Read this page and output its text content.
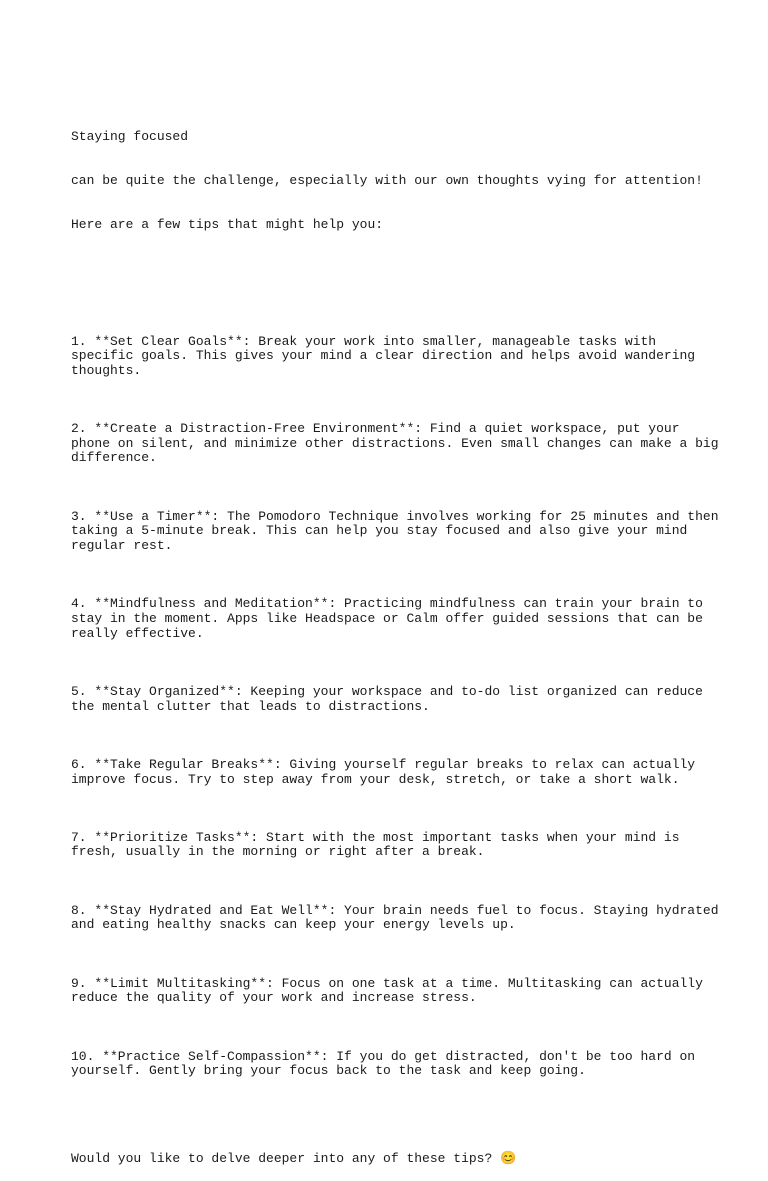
Staying focused

can be quite the challenge, especially with our own thoughts vying for attention!

Here are a few tips that might help you:

1. **Set Clear Goals**: Break your work into smaller, manageable tasks with
specific goals. This gives your mind a clear direction and helps avoid wandering
thoughts.

2. **Create a Distraction-Free Environment**: Find a quiet workspace, put your
phone on silent, and minimize other distractions. Even small changes can make a big
difference.

3. **Use a Timer**: The Pomodoro Technique involves working for 25 minutes and then
taking a 5-minute break. This can help you stay focused and also give your mind
regular rest.

4. **Mindfulness and Meditation**: Practicing mindfulness can train your brain to
stay in the moment. Apps like Headspace or Calm offer guided sessions that can be
really effective.

5. **Stay Organized**: Keeping your workspace and to-do list organized can reduce
the mental clutter that leads to distractions.

6. **Take Regular Breaks**: Giving yourself regular breaks to relax can actually
improve focus. Try to step away from your desk, stretch, or take a short walk.

7. **Prioritize Tasks**: Start with the most important tasks when your mind is
fresh, usually in the morning or right after a break.

8. **Stay Hydrated and Eat Well**: Your brain needs fuel to focus. Staying hydrated
and eating healthy snacks can keep your energy levels up.

9. **Limit Multitasking**: Focus on one task at a time. Multitasking can actually
reduce the quality of your work and increase stress.

10. **Practice Self-Compassion**: If you do get distracted, don't be too hard on
yourself. Gently bring your focus back to the task and keep going.

Would you like to delve deeper into any of these tips? 😊
